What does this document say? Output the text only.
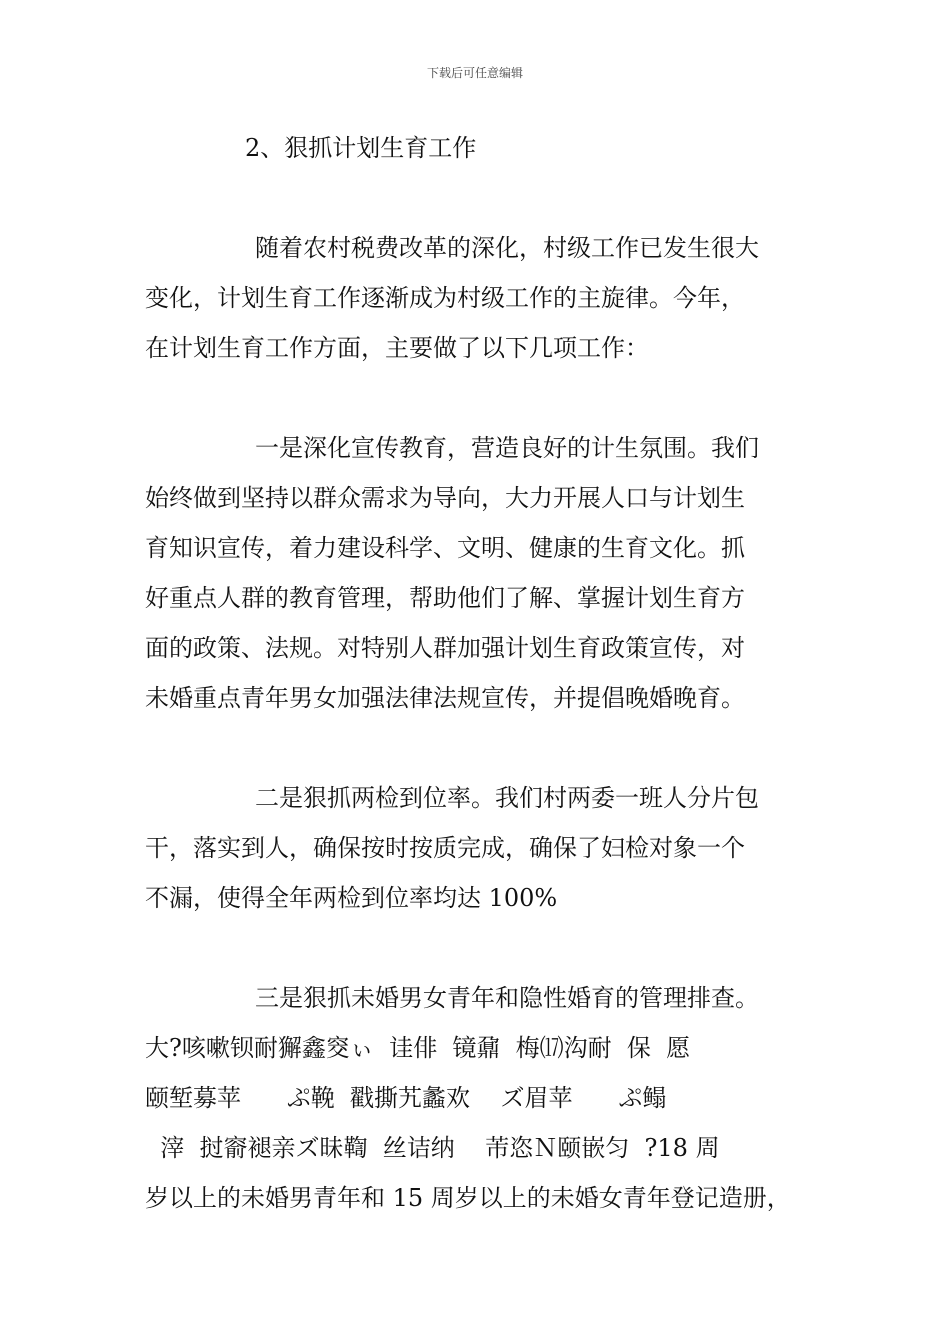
下载后可任意编辑
2、狠抓计划生育工作
随着农村税费改革的深化，村级工作已发生很大
变化，计划生育工作逐渐成为村级工作的主旋律。今年，
在计划生育工作方面，主要做了以下几项工作：
一是深化宣传教育，营造良好的计生氛围。我们
始终做到坚持以群众需求为导向，大力开展人口与计划生
育知识宣传，着力建设科学、文明、健康的生育文化。抓
好重点人群的教育管理，帮助他们了解、掌握计划生育方
面的政策、法规。对特别人群加强计划生育政策宣传，对
未婚重点青年男女加强法律法规宣传，并提倡晚婚晚育。
二是狠抓两检到位率。我们村两委一班人分片包
干，落实到人，确保按时按质完成，确保了妇检对象一个
不漏，使得全年两检到位率均达 100%
三是狠抓未婚男女青年和隐性婚育的管理排查。
大?咳嗽钡耐獬鑫窔ぃ  诖俳  镜鼐  梅⒄沟耐  保  愿
颐堑募苹      ぷ鞔  戳撕艽蠡欢    ズ眉苹      ぷ鳎
滓  挝窬褪亲ズ昧鞫  丝诘纳    芾恣Ｎ颐嵌匀  ?18 周
岁以上的未婚男青年和 15 周岁以上的未婚女青年登记造册，
